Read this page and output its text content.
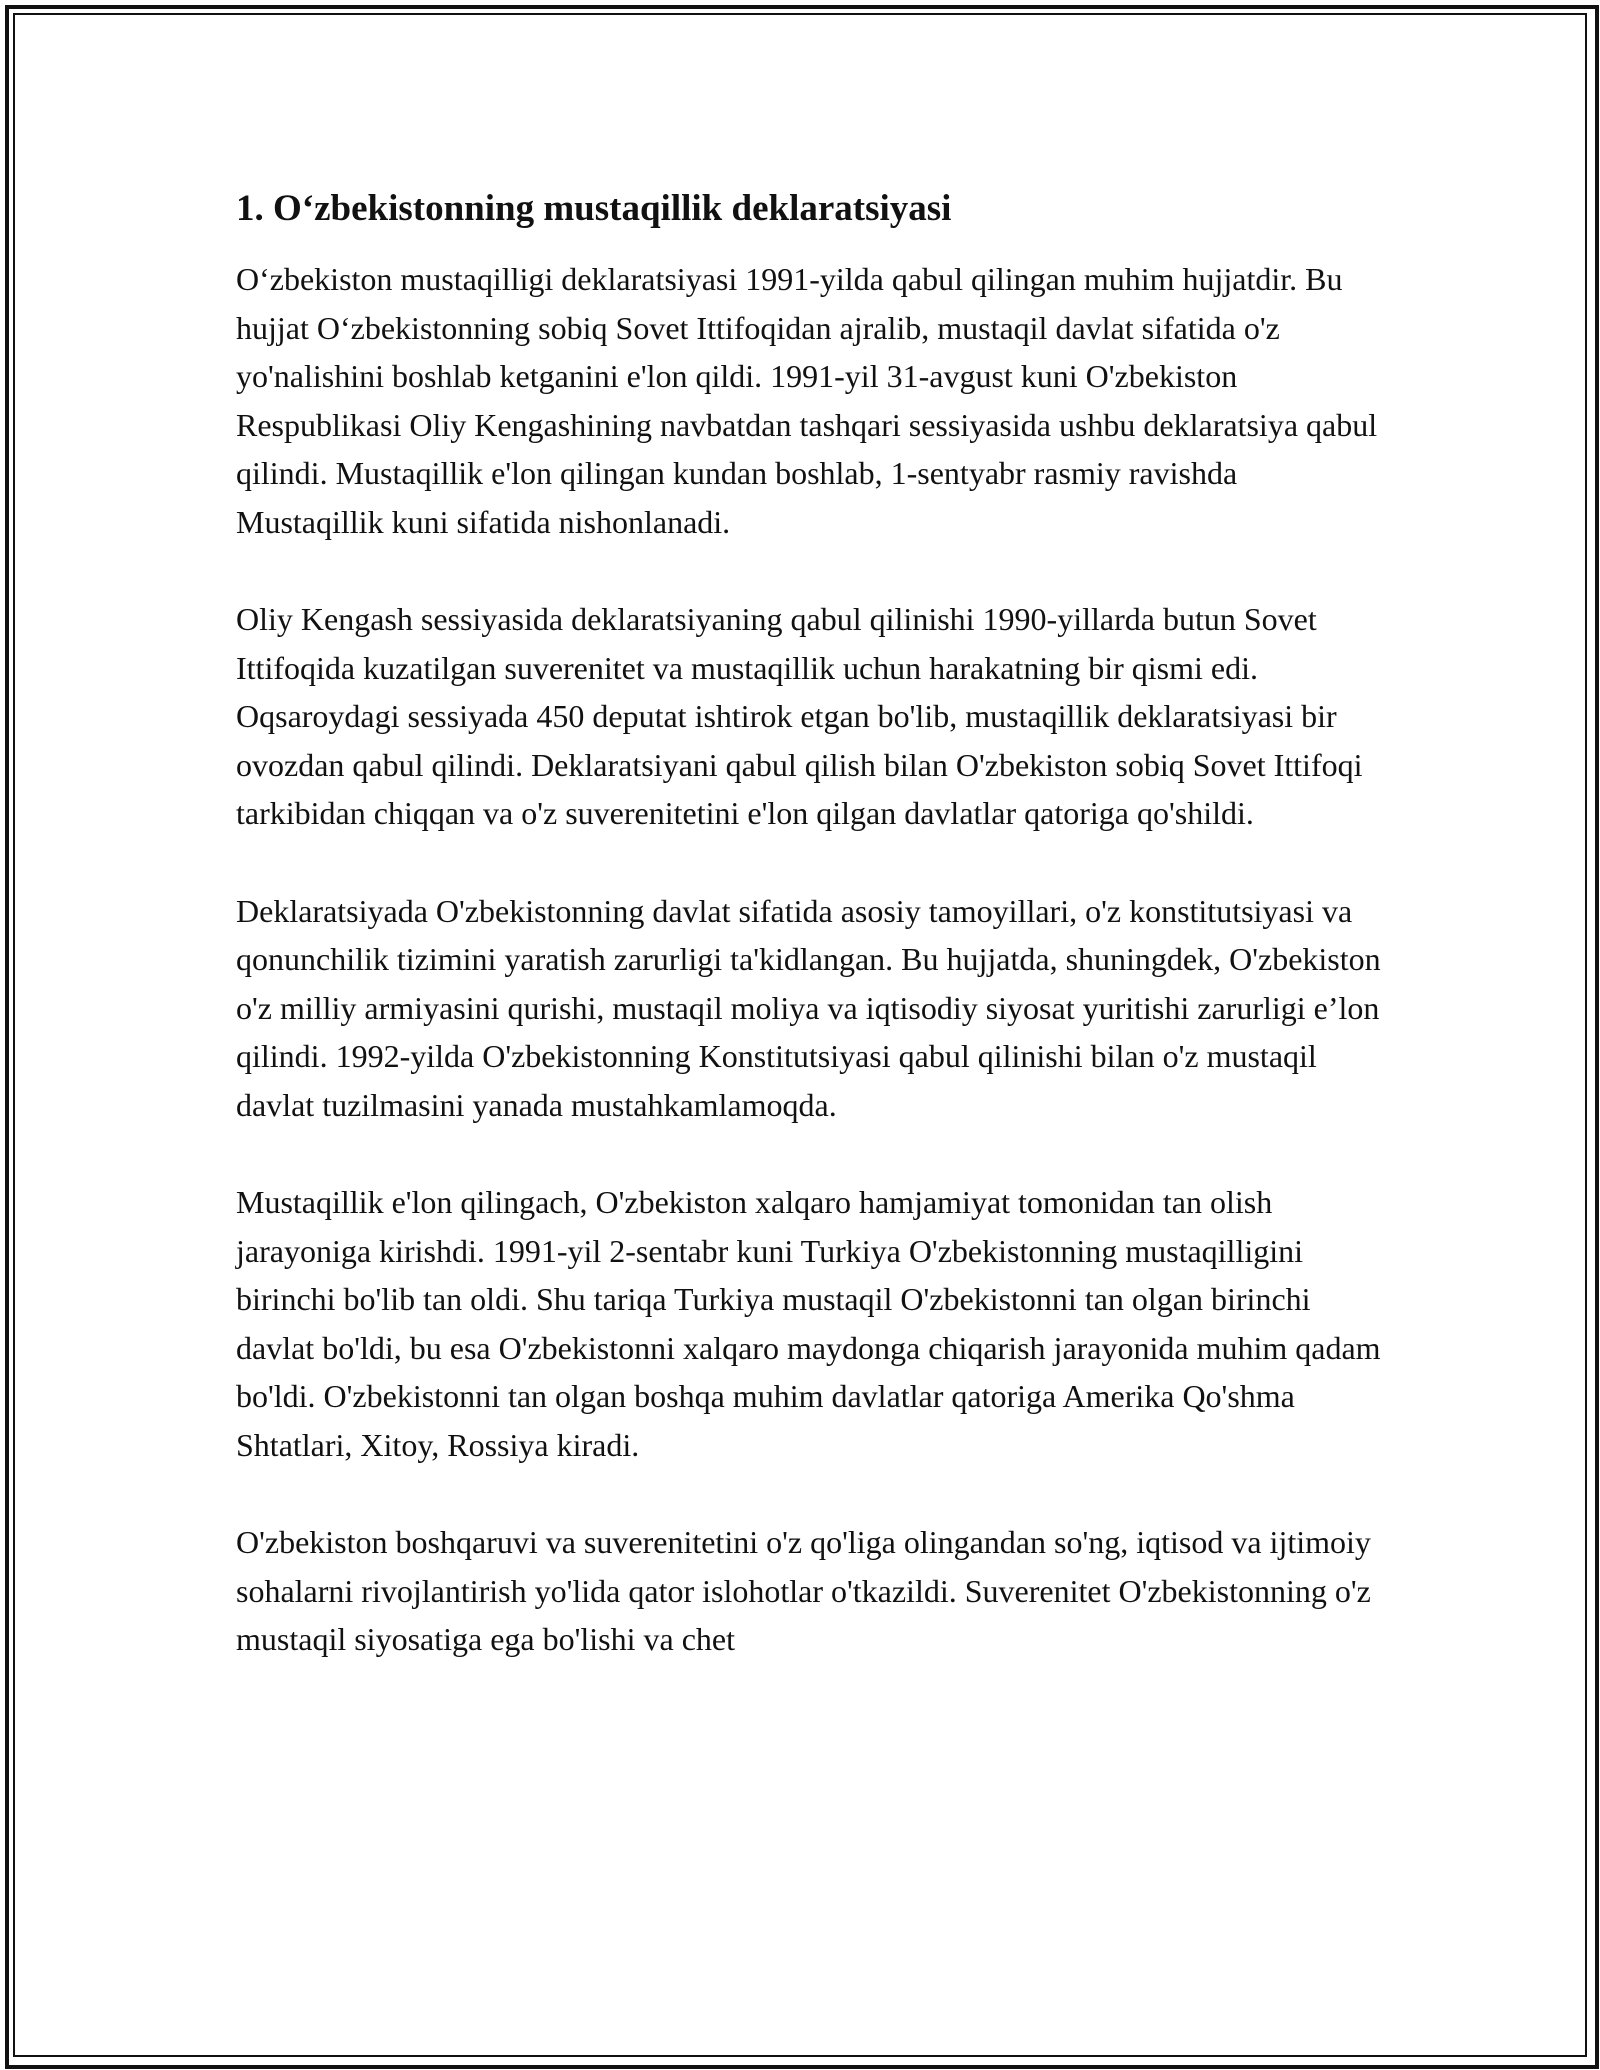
1. O‘zbekistonning mustaqillik deklaratsiyasi

O‘zbekiston mustaqilligi deklaratsiyasi 1991-yilda qabul qilingan muhim hujjatdir. Bu hujjat O‘zbekistonning sobiq Sovet Ittifoqidan ajralib, mustaqil davlat sifatida o'z yo'nalishini boshlab ketganini e'lon qildi. 1991-yil 31-avgust kuni O'zbekiston Respublikasi Oliy Kengashining navbatdan tashqari sessiyasida ushbu deklaratsiya qabul qilindi. Mustaqillik e'lon qilingan kundan boshlab, 1-sentyabr rasmiy ravishda Mustaqillik kuni sifatida nishonlanadi.

Oliy Kengash sessiyasida deklaratsiyaning qabul qilinishi 1990-yillarda butun Sovet Ittifoqida kuzatilgan suverenitet va mustaqillik uchun harakatning bir qismi edi. Oqsaroydagi sessiyada 450 deputat ishtirok etgan bo'lib, mustaqillik deklaratsiyasi bir ovozdan qabul qilindi. Deklaratsiyani qabul qilish bilan O'zbekiston sobiq Sovet Ittifoqi tarkibidan chiqqan va o'z suverenitetini e'lon qilgan davlatlar qatoriga qo'shildi.

Deklaratsiyada O'zbekistonning davlat sifatida asosiy tamoyillari, o'z konstitutsiyasi va qonunchilik tizimini yaratish zarurligi ta'kidlangan. Bu hujjatda, shuningdek, O'zbekiston o'z milliy armiyasini qurishi, mustaqil moliya va iqtisodiy siyosat yuritishi zarurligi e’lon qilindi. 1992-yilda O'zbekistonning Konstitutsiyasi qabul qilinishi bilan o'z mustaqil davlat tuzilmasini yanada mustahkamlamoqda.

Mustaqillik e'lon qilingach, O'zbekiston xalqaro hamjamiyat tomonidan tan olish jarayoniga kirishdi. 1991-yil 2-sentabr kuni Turkiya O'zbekistonning mustaqilligini birinchi bo'lib tan oldi. Shu tariqa Turkiya mustaqil O'zbekistonni tan olgan birinchi davlat bo'ldi, bu esa O'zbekistonni xalqaro maydonga chiqarish jarayonida muhim qadam bo'ldi. O'zbekistonni tan olgan boshqa muhim davlatlar qatoriga Amerika Qo'shma Shtatlari, Xitoy, Rossiya kiradi.

O'zbekiston boshqaruvi va suverenitetini o'z qo'liga olingandan so'ng, iqtisod va ijtimoiy sohalarni rivojlantirish yo'lida qator islohotlar o'tkazildi. Suverenitet O'zbekistonning o'z mustaqil siyosatiga ega bo'lishi va chet
